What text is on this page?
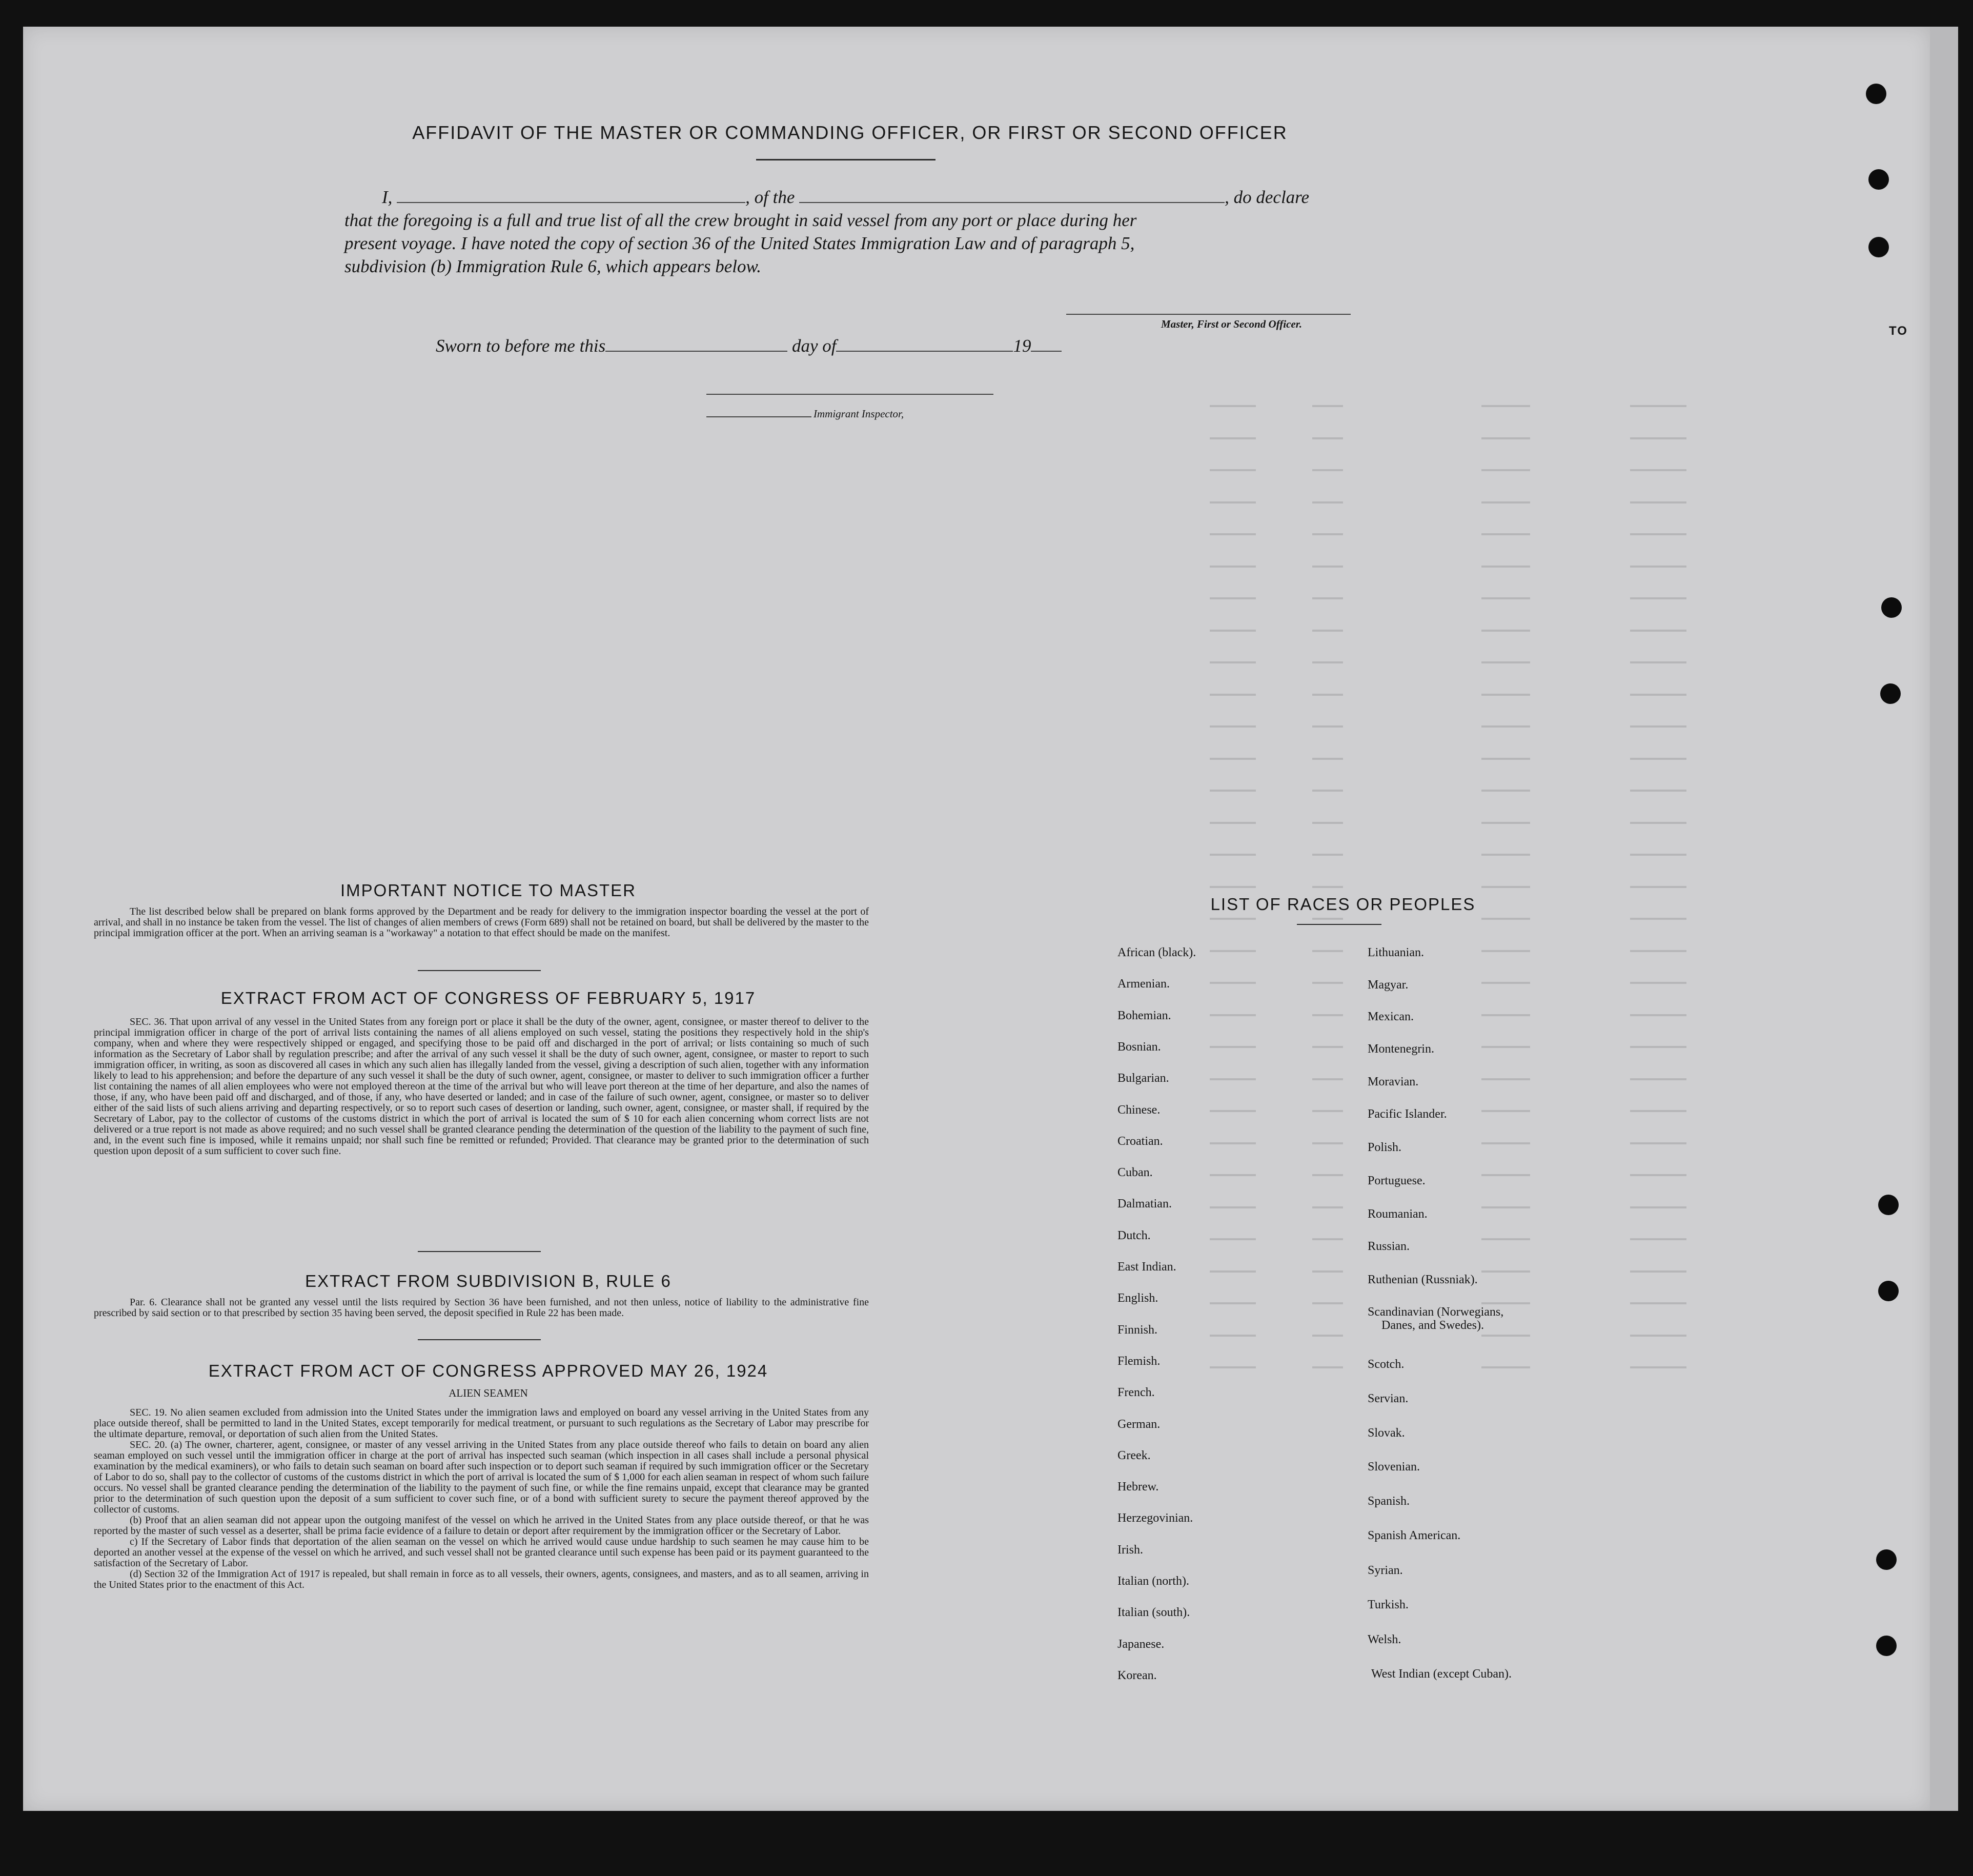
TO
AFFIDAVIT OF THE MASTER OR COMMANDING OFFICER, OR FIRST OR SECOND OFFICER
I,	, of the	, do declare
that the foregoing is a full and true list of all the crew brought in said vessel from any port or place during her
present voyage. I have noted the copy of section 36 of the United States Immigration Law and of paragraph 5,
subdivision (b) Immigration Rule 6, which appears below.
Master, First or Second Officer.
Sworn to before me this	day of	19
Immigrant Inspector,
IMPORTANT NOTICE TO MASTER

The list described below shall be prepared on blank forms approved by the Department and be ready for delivery to the immigration inspector boarding the vessel at the port of arrival, and shall in no instance be taken from the vessel. The list of changes of alien members of crews (Form 689) shall not be retained on board, but shall be delivered by the master to the principal immigration officer at the port. When an arriving seaman is a "workaway" a notation to that effect should be made on the manifest.

EXTRACT FROM ACT OF CONGRESS OF FEBRUARY 5, 1917

SEC. 36. That upon arrival of any vessel in the United States from any foreign port or place it shall be the duty of the owner, agent, consignee, or master thereof to deliver to the principal immigration officer in charge of the port of arrival lists containing the names of all aliens employed on such vessel, stating the positions they respectively hold in the ship's company, when and where they were respectively shipped or engaged, and specifying those to be paid off and discharged in the port of arrival; or lists containing so much of such information as the Secretary of Labor shall by regulation prescribe; and after the arrival of any such vessel it shall be the duty of such owner, agent, consignee, or master to report to such immigration officer, in writing, as soon as discovered all cases in which any such alien has illegally landed from the vessel, giving a description of such alien, together with any information likely to lead to his apprehension; and before the departure of any such vessel it shall be the duty of such owner, agent, consignee, or master to deliver to such immigration officer a further list containing the names of all alien employees who were not employed thereon at the time of the arrival but who will leave port thereon at the time of her departure, and also the names of those, if any, who have been paid off and discharged, and of those, if any, who have deserted or landed; and in case of the failure of such owner, agent, consignee, or master so to deliver either of the said lists of such aliens arriving and departing respectively, or so to report such cases of desertion or landing, such owner, agent, consignee, or master shall, if required by the Secretary of Labor, pay to the collector of customs of the customs district in which the port of arrival is located the sum of $ 10 for each alien concerning whom correct lists are not delivered or a true report is not made as above required; and no such vessel shall be granted clearance pending the determination of the question of the liability to the payment of such fine, and, in the event such fine is imposed, while it remains unpaid; nor shall such fine be remitted or refunded; Provided. That clearance may be granted prior to the determination of such question upon deposit of a sum sufficient to cover such fine.

EXTRACT FROM SUBDIVISION B, RULE 6

Par. 6. Clearance shall not be granted any vessel until the lists required by Section 36 have been furnished, and not then unless, notice of liability to the administrative fine prescribed by said section or to that prescribed by section 35 having been served, the deposit specified in Rule 22 has been made.

EXTRACT FROM ACT OF CONGRESS APPROVED MAY 26, 1924
ALIEN SEAMEN

SEC. 19. No alien seamen excluded from admission into the United States under the immigration laws and employed on board any vessel arriving in the United States from any place outside thereof, shall be permitted to land in the United States, except temporarily for medical treatment, or pursuant to such regulations as the Secretary of Labor may prescribe for the ultimate departure, removal, or deportation of such alien from the United States.

SEC. 20. (a) The owner, charterer, agent, consignee, or master of any vessel arriving in the United States from any place outside thereof who fails to detain on board any alien seaman employed on such vessel until the immigration officer in charge at the port of arrival has inspected such seaman (which inspection in all cases shall include a personal physical examination by the medical examiners), or who fails to detain such seaman on board after such inspection or to deport such seaman if required by such immigration officer or the Secretary of Labor to do so, shall pay to the collector of customs of the customs district in which the port of arrival is located the sum of $ 1,000 for each alien seaman in respect of whom such failure occurs. No vessel shall be granted clearance pending the determination of the liability to the payment of such fine, or while the fine remains unpaid, except that clearance may be granted prior to the determination of such question upon the deposit of a sum sufficient to cover such fine, or of a bond with sufficient surety to secure the payment thereof approved by the collector of customs.

(b) Proof that an alien seaman did not appear upon the outgoing manifest of the vessel on which he arrived in the United States from any place outside thereof, or that he was reported by the master of such vessel as a deserter, shall be prima facie evidence of a failure to detain or deport after requirement by the immigration officer or the Secretary of Labor.

c) If the Secretary of Labor finds that deportation of the alien seaman on the vessel on which he arrived would cause undue hardship to such seamen he may cause him to be deported an another vessel at the expense of the vessel on which he arrived, and such vessel shall not be granted clearance until such expense has been paid or its payment guaranteed to the satisfaction of the Secretary of Labor.

(d) Section 32 of the Immigration Act of 1917 is repealed, but shall remain in force as to all vessels, their owners, agents, consignees, and masters, and as to all seamen, arriving in the United States prior to the enactment of this Act.

LIST OF RACES OR PEOPLES
African (black).
Armenian.
Bohemian.
Bosnian.
Bulgarian.
Chinese.
Croatian.
Cuban.
Dalmatian.
Dutch.
East Indian.
English.
Finnish.
Flemish.
French.
German.
Greek.
Hebrew.
Herzegovinian.
Irish.
Italian (north).
Italian (south).
Japanese.
Korean.
Lithuanian.
Magyar.
Mexican.
Montenegrin.
Moravian.
Pacific Islander.
Polish.
Portuguese.
Roumanian.
Russian.
Ruthenian (Russniak).
Scandinavian (Norwegians,
Danes, and Swedes).
Scotch.
Servian.
Slovak.
Slovenian.
Spanish.
Spanish American.
Syrian.
Turkish.
Welsh.
West Indian (except Cuban).
